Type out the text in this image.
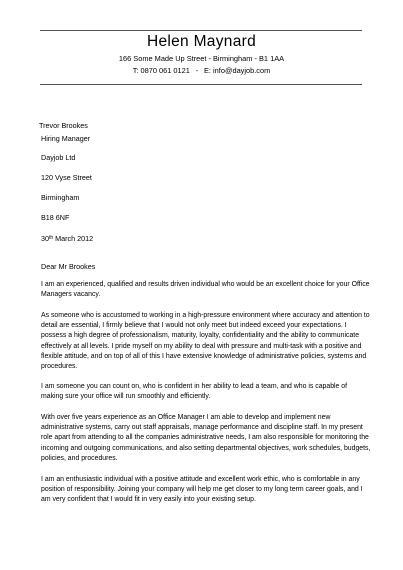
Helen Maynard
166 Some Made Up Street - Birmingham - B1 1AA
T: 0870 061 0121 - E: info@dayjob.com
Trevor Brookes
Hiring Manager
Dayjob Ltd
120 Vyse Street
Birmingham
B18 6NF
30th March 2012
Dear Mr Brookes
I am an experienced, qualified and results driven individual who would be an excellent choice for your Office Managers vacancy.
As someone who is accustomed to working in a high-pressure environment where accuracy and attention to detail are essential, I firmly believe that I would not only meet but indeed exceed your expectations. I possess a high degree of professionalism, maturity, loyalty, confidentiality and the ability to communicate effectively at all levels. I pride myself on my ability to deal with pressure and multi-task with a positive and flexible attitude, and on top of all of this I have extensive knowledge of administrative policies, systems and procedures.
I am someone you can count on, who is confident in her ability to lead a team, and who is capable of making sure your office will run smoothly and efficiently.
With over five years experience as an Office Manager I am able to develop and implement new administrative systems, carry out staff appraisals, manage performance and discipline staff. In my present role apart from attending to all the companies administrative needs, I am also responsible for monitoring the incoming and outgoing communications, and also setting departmental objectives, work schedules, budgets, policies, and procedures.
I am an enthusiastic individual with a positive attitude and excellent work ethic, who is comfortable in any position of responsibility. Joining your company will help me get closer to my long term career goals, and I am very confident that I would fit in very easily into your existing setup.
